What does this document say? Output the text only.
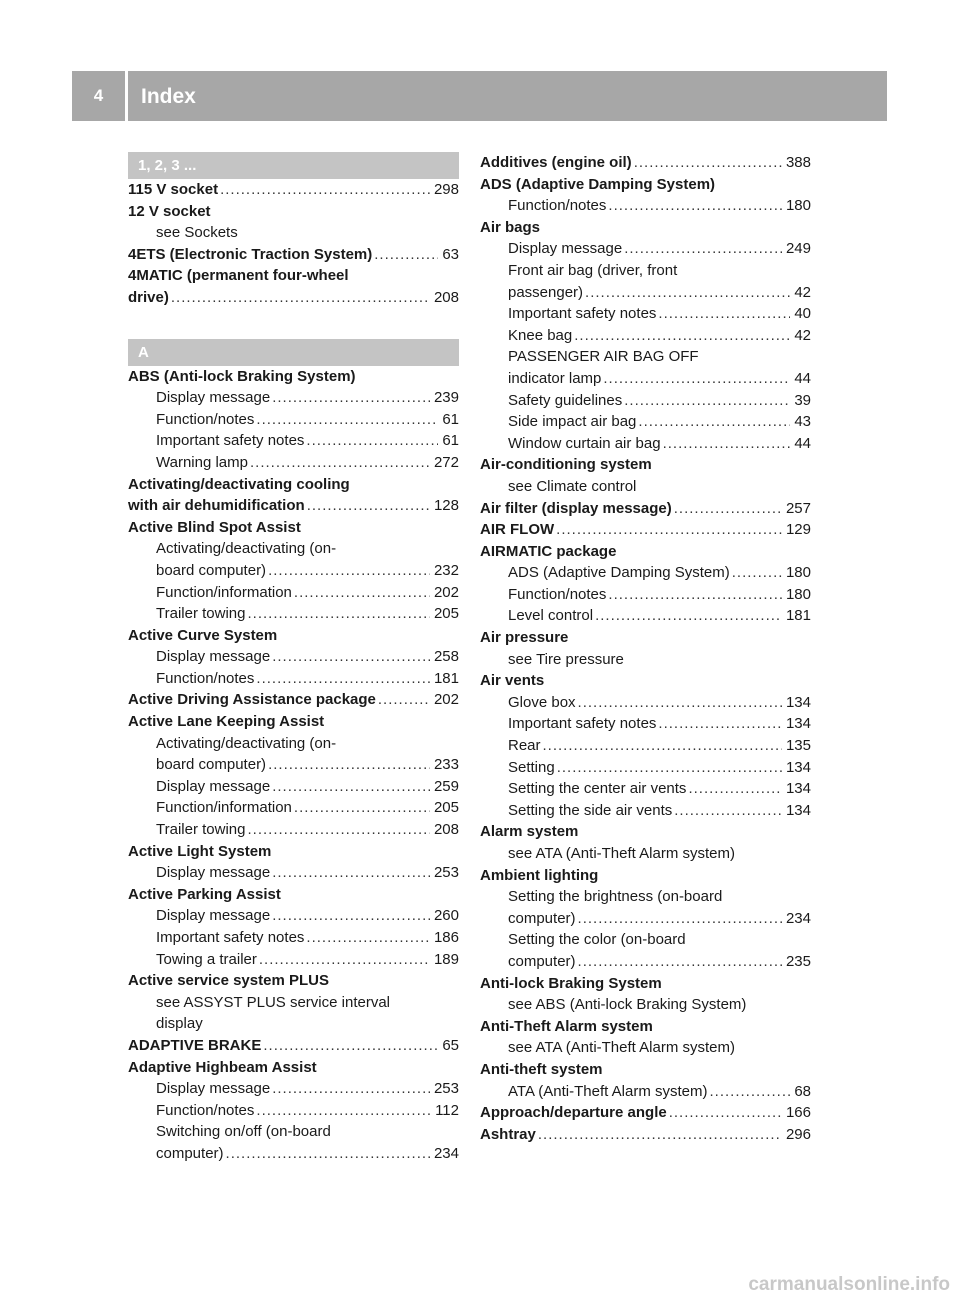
4	Index
1, 2, 3 ...
115 V socket .....	298
12 V socket
see Sockets
4ETS (Electronic Traction System) .....	63
4MATIC (permanent four-wheel
drive) .....	208
A
ABS (Anti-lock Braking System)
Display message .....	239
Function/notes .....	61
Important safety notes .....	61
Warning lamp .....	272
Activating/deactivating cooling
with air dehumidification .....	128
Active Blind Spot Assist
Activating/deactivating (on-
board computer) .....	232
Function/information .....	202
Trailer towing .....	205
Active Curve System
Display message .....	258
Function/notes .....	181
Active Driving Assistance package .....	202
Active Lane Keeping Assist
Activating/deactivating (on-
board computer) .....	233
Display message .....	259
Function/information .....	205
Trailer towing .....	208
Active Light System
Display message .....	253
Active Parking Assist
Display message .....	260
Important safety notes .....	186
Towing a trailer .....	189
Active service system PLUS
see ASSYST PLUS service interval
display
ADAPTIVE BRAKE .....	65
Adaptive Highbeam Assist
Display message .....	253
Function/notes .....	112
Switching on/off (on-board
computer) .....	234
Additives (engine oil) .....	388
ADS (Adaptive Damping System)
Function/notes .....	180
Air bags
Display message .....	249
Front air bag (driver, front
passenger) .....	42
Important safety notes .....	40
Knee bag .....	42
PASSENGER AIR BAG OFF
indicator lamp .....	44
Safety guidelines .....	39
Side impact air bag .....	43
Window curtain air bag .....	44
Air-conditioning system
see Climate control
Air filter (display message) .....	257
AIR FLOW .....	129
AIRMATIC package
ADS (Adaptive Damping System) .....	180
Function/notes .....	180
Level control .....	181
Air pressure
see Tire pressure
Air vents
Glove box .....	134
Important safety notes .....	134
Rear .....	135
Setting .....	134
Setting the center air vents .....	134
Setting the side air vents .....	134
Alarm system
see ATA (Anti-Theft Alarm system)
Ambient lighting
Setting the brightness (on-board
computer) .....	234
Setting the color (on-board
computer) .....	235
Anti-lock Braking System
see ABS (Anti-lock Braking System)
Anti-Theft Alarm system
see ATA (Anti-Theft Alarm system)
Anti-theft system
ATA (Anti-Theft Alarm system) .....	68
Approach/departure angle .....	166
Ashtray .....	296
carmanualsonline.info
